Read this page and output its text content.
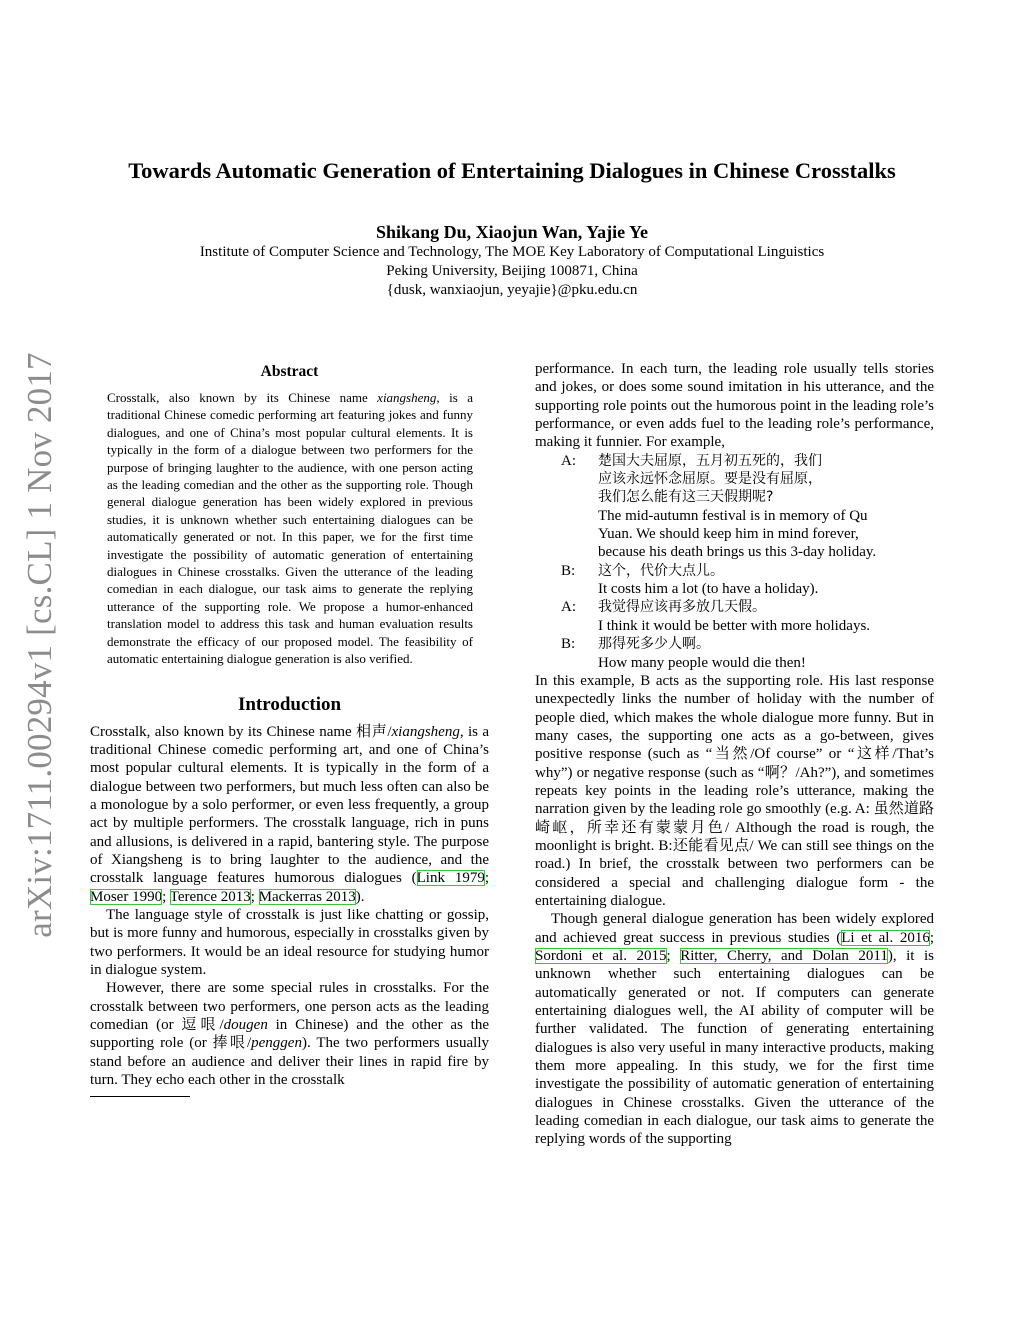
arXiv:1711.00294v1 [cs.CL] 1 Nov 2017
Towards Automatic Generation of Entertaining Dialogues in Chinese Crosstalks
Shikang Du, Xiaojun Wan, Yajie Ye
Institute of Computer Science and Technology, The MOE Key Laboratory of Computational Linguistics
Peking University, Beijing 100871, China
{dusk, wanxiaojun, yeyajie}@pku.edu.cn
Abstract

Crosstalk, also known by its Chinese name xiangsheng, is a traditional Chinese comedic performing art featuring jokes and funny dialogues, and one of China’s most popular cultural elements. It is typically in the form of a dialogue between two performers for the purpose of bringing laughter to the audience, with one person acting as the leading comedian and the other as the supporting role. Though general dialogue generation has been widely explored in previous studies, it is unknown whether such entertaining dialogues can be automatically generated or not. In this paper, we for the first time investigate the possibility of automatic generation of entertaining dialogues in Chinese crosstalks. Given the utterance of the leading comedian in each dialogue, our task aims to generate the replying utterance of the supporting role. We propose a humor-enhanced translation model to address this task and human evaluation results demonstrate the efficacy of our proposed model. The feasibility of automatic entertaining dialogue generation is also verified.

Introduction

Crosstalk, also known by its Chinese name 相声/xiangsheng, is a traditional Chinese comedic performing art, and one of China’s most popular cultural elements. It is typically in the form of a dialogue between two performers, but much less often can also be a monologue by a solo performer, or even less frequently, a group act by multiple performers. The crosstalk language, rich in puns and allusions, is delivered in a rapid, bantering style. The purpose of Xiangsheng is to bring laughter to the audience, and the crosstalk language features humorous dialogues (Link 1979; Moser 1990; Terence 2013; Mackerras 2013).

The language style of crosstalk is just like chatting or gossip, but is more funny and humorous, especially in crosstalks given by two performers. It would be an ideal resource for studying humor in dialogue system.

However, there are some special rules in crosstalks. For the crosstalk between two performers, one person acts as the leading comedian (or 逗哏/dougen in Chinese) and the other as the supporting role (or 捧哏/penggen). The two performers usually stand before an audience and deliver their lines in rapid fire by turn. They echo each other in the crosstalk

performance. In each turn, the leading role usually tells stories and jokes, or does some sound imitation in his utterance, and the supporting role points out the humorous point in the leading role’s performance, or even adds fuel to the leading role’s performance, making it funnier. For example,

A:	楚国大夫屈原，五月初五死的，我们
应该永远怀念屈原。要是没有屈原，
我们怎么能有这三天假期呢?
The mid-autumn festival is in memory of Qu
Yuan. We should keep him in mind forever,
because his death brings us this 3-day holiday.
B:	这个，代价大点儿。
It costs him a lot (to have a holiday).
A:	我觉得应该再多放几天假。
I think it would be better with more holidays.
B:	那得死多少人啊。
How many people would die then!

In this example, B acts as the supporting role. His last response unexpectedly links the number of holiday with the number of people died, which makes the whole dialogue more funny. But in many cases, the supporting one acts as a go-between, gives positive response (such as “当然/Of course” or “这样/That’s why”) or negative response (such as “啊？/Ah?”), and sometimes repeats key points in the leading role’s utterance, making the narration given by the leading role go smoothly (e.g. A: 虽然道路崎岖，所幸还有蒙蒙月色/ Although the road is rough, the moonlight is bright. B:还能看见点/ We can still see things on the road.) In brief, the crosstalk between two performers can be considered a special and challenging dialogue form - the entertaining dialogue.

Though general dialogue generation has been widely explored and achieved great success in previous studies (Li et al. 2016; Sordoni et al. 2015; Ritter, Cherry, and Dolan 2011), it is unknown whether such entertaining dialogues can be automatically generated or not. If computers can generate entertaining dialogues well, the AI ability of computer will be further validated. The function of generating entertaining dialogues is also very useful in many interactive products, making them more appealing. In this study, we for the first time investigate the possibility of automatic generation of entertaining dialogues in Chinese crosstalks. Given the utterance of the leading comedian in each dialogue, our task aims to generate the replying words of the supporting
